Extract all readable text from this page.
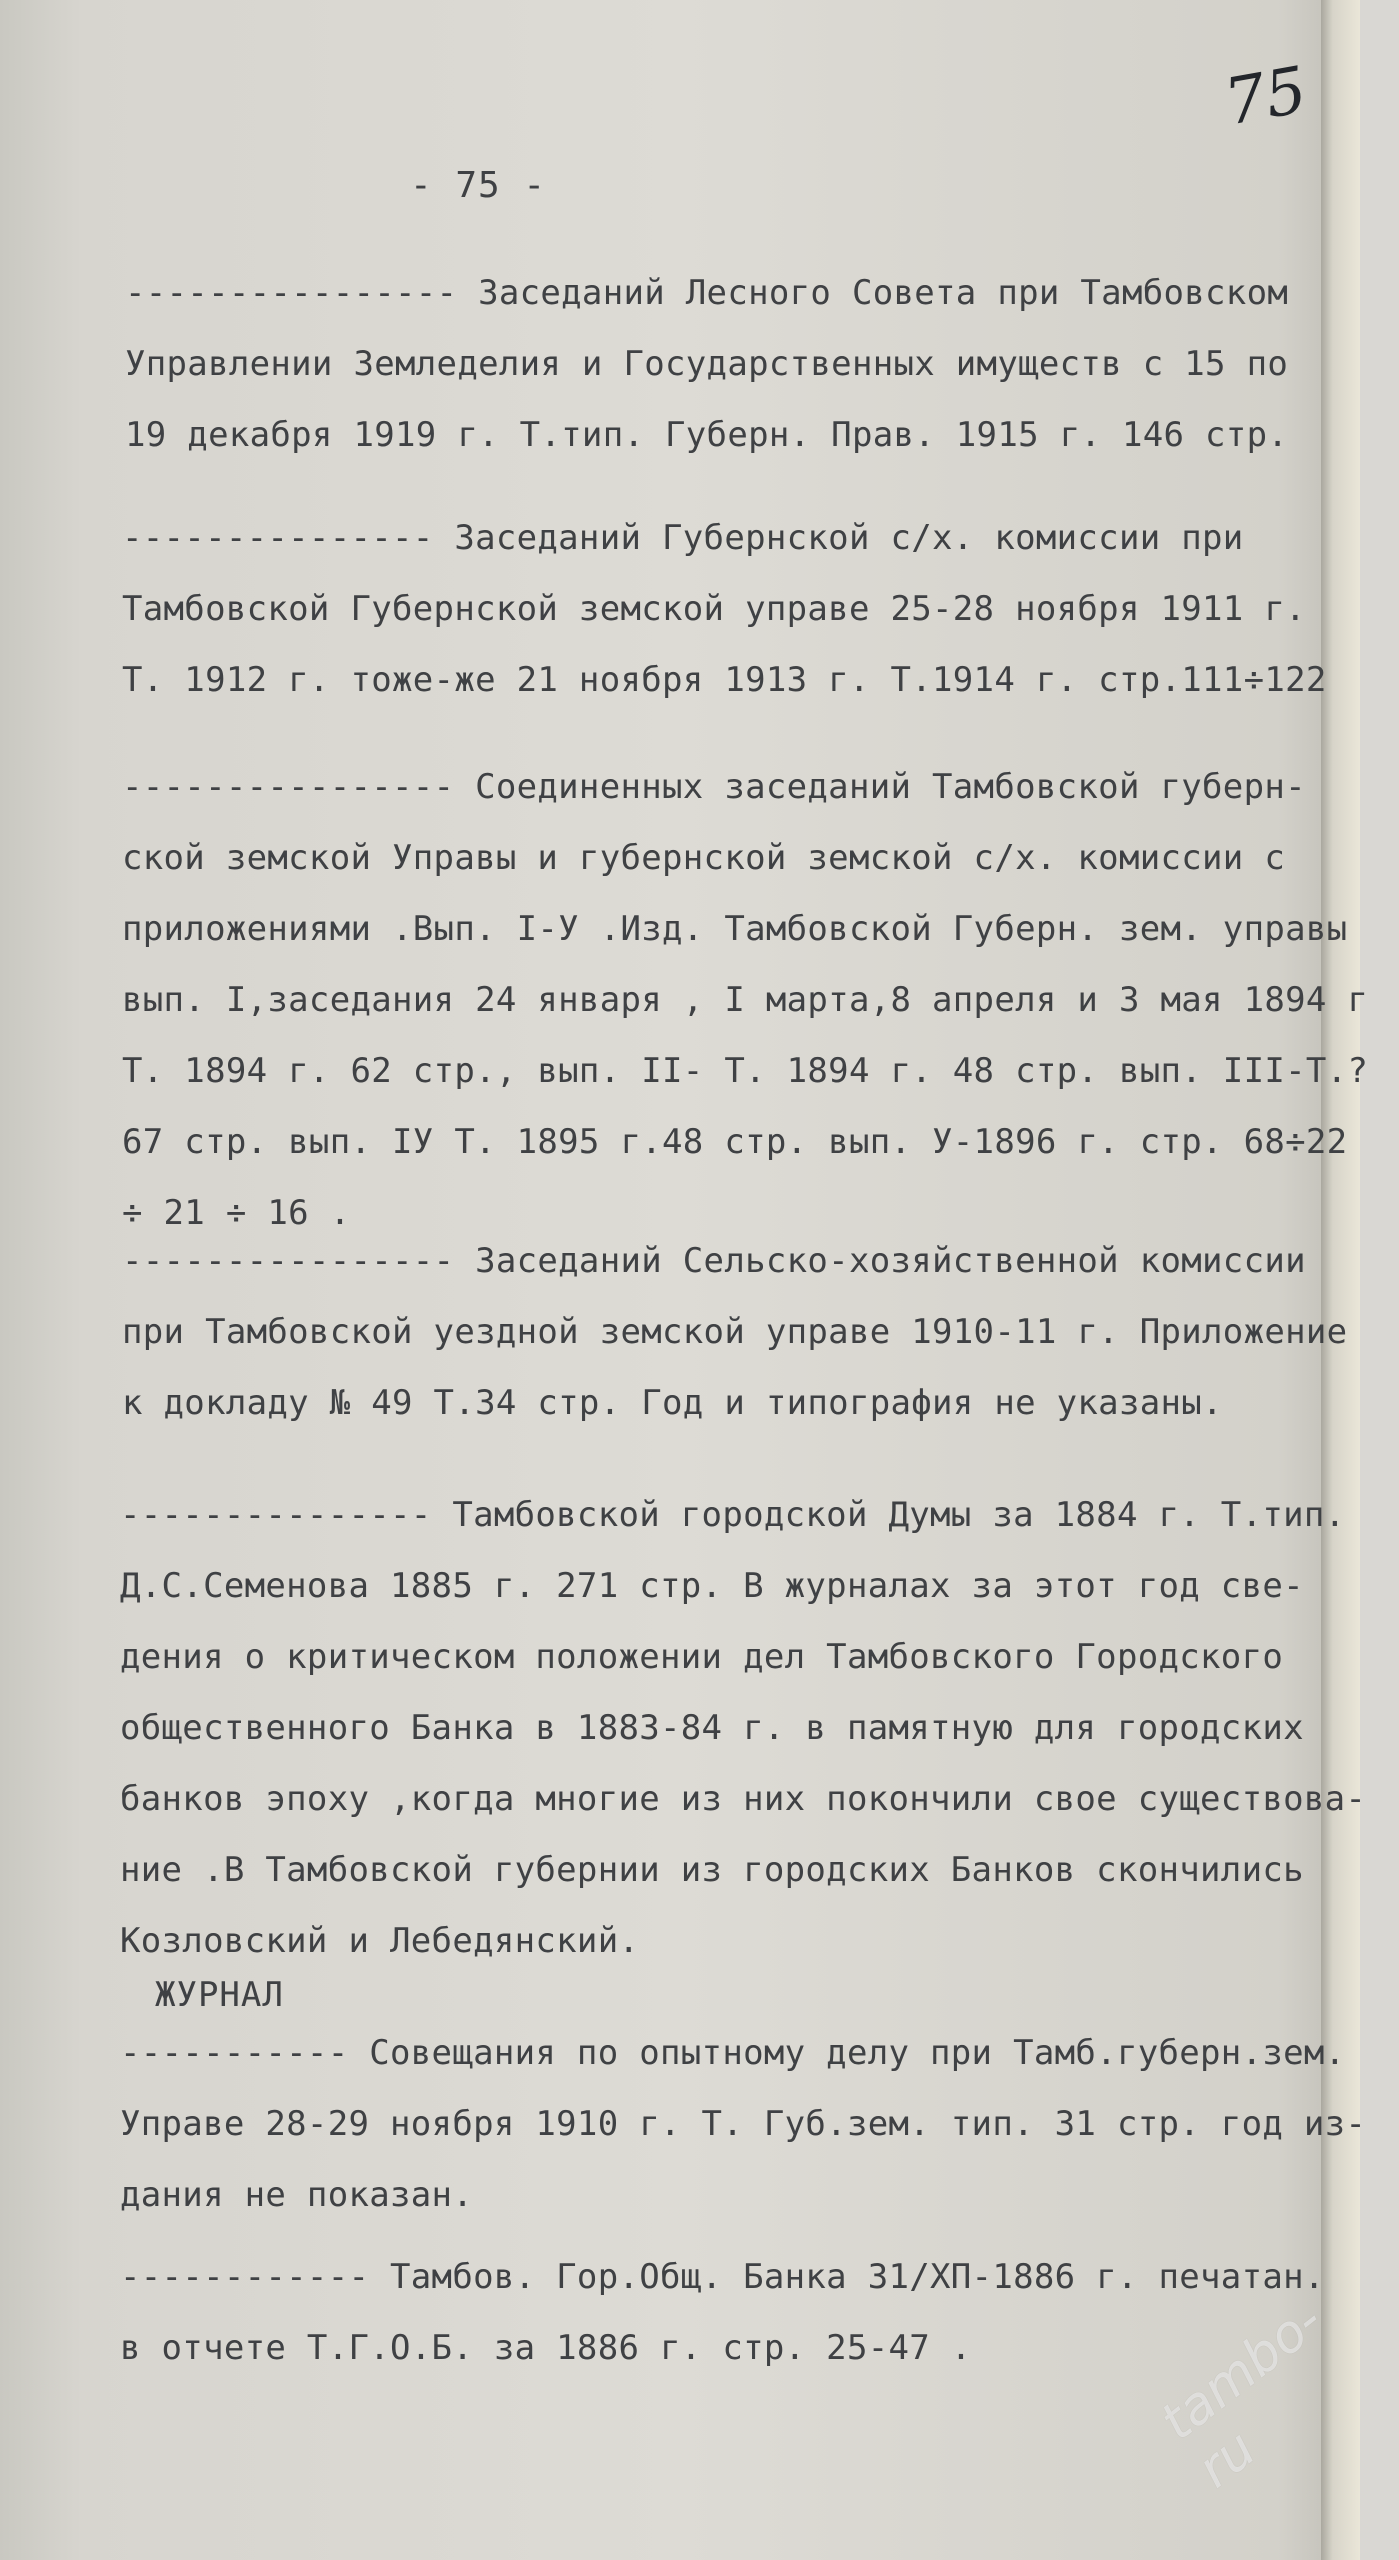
75
- 75 -
---------------- Заседаний Лесного Совета при Тамбовском
Управлении Земледелия и Государственных имуществ с 15 по
19 декабря 1919 г. Т.тип. Губерн. Прав. 1915 г. 146 стр.
--------------- Заседаний Губернской с/х. комиссии при
Тамбовской Губернской земской управе 25-28 ноября 1911 г.
Т. 1912 г. тоже-же 21 ноября 1913 г. Т.1914 г. стр.111÷122
---------------- Соединенных заседаний Тамбовской губерн-
ской земской Управы и губернской земской с/х. комиссии с
приложениями .Вып. I-У .Изд. Тамбовской Губерн. зем. управы
вып. I,заседания 24 января , I марта,8 апреля и 3 мая 1894 г
Т. 1894 г. 62 стр., вып. II- Т. 1894 г. 48 стр. вып. III-Т.?
67 стр. вып. IУ Т. 1895 г.48 стр. вып. У-1896 г. стр. 68÷22
÷ 21 ÷ 16 .
---------------- Заседаний Сельско-хозяйственной комиссии
при Тамбовской уездной земской управе 1910-11 г. Приложение
к докладу № 49 Т.34 стр. Год и типография не указаны.
--------------- Тамбовской городской Думы за 1884 г. Т.тип.
Д.С.Семенова 1885 г. 271 стр. В журналах за этот год све-
дения о критическом положении дел Тамбовского Городского
общественного Банка в 1883-84 г. в памятную для городских
банков эпоху ,когда многие из них покончили свое существова-
ние .В Тамбовской губернии из городских Банков скончились
Козловский и Лебедянский.
ЖУРНАЛ
----------- Совещания по опытному делу при Тамб.губерн.зем.
Управе 28-29 ноября 1910 г. Т. Губ.зем. тип. 31 стр. год из-
дания не показан.
------------ Тамбов. Гор.Общ. Банка 31/ХП-1886 г. печатан.
в отчете Т.Г.О.Б. за 1886 г. стр. 25-47 .	tambo-ru
